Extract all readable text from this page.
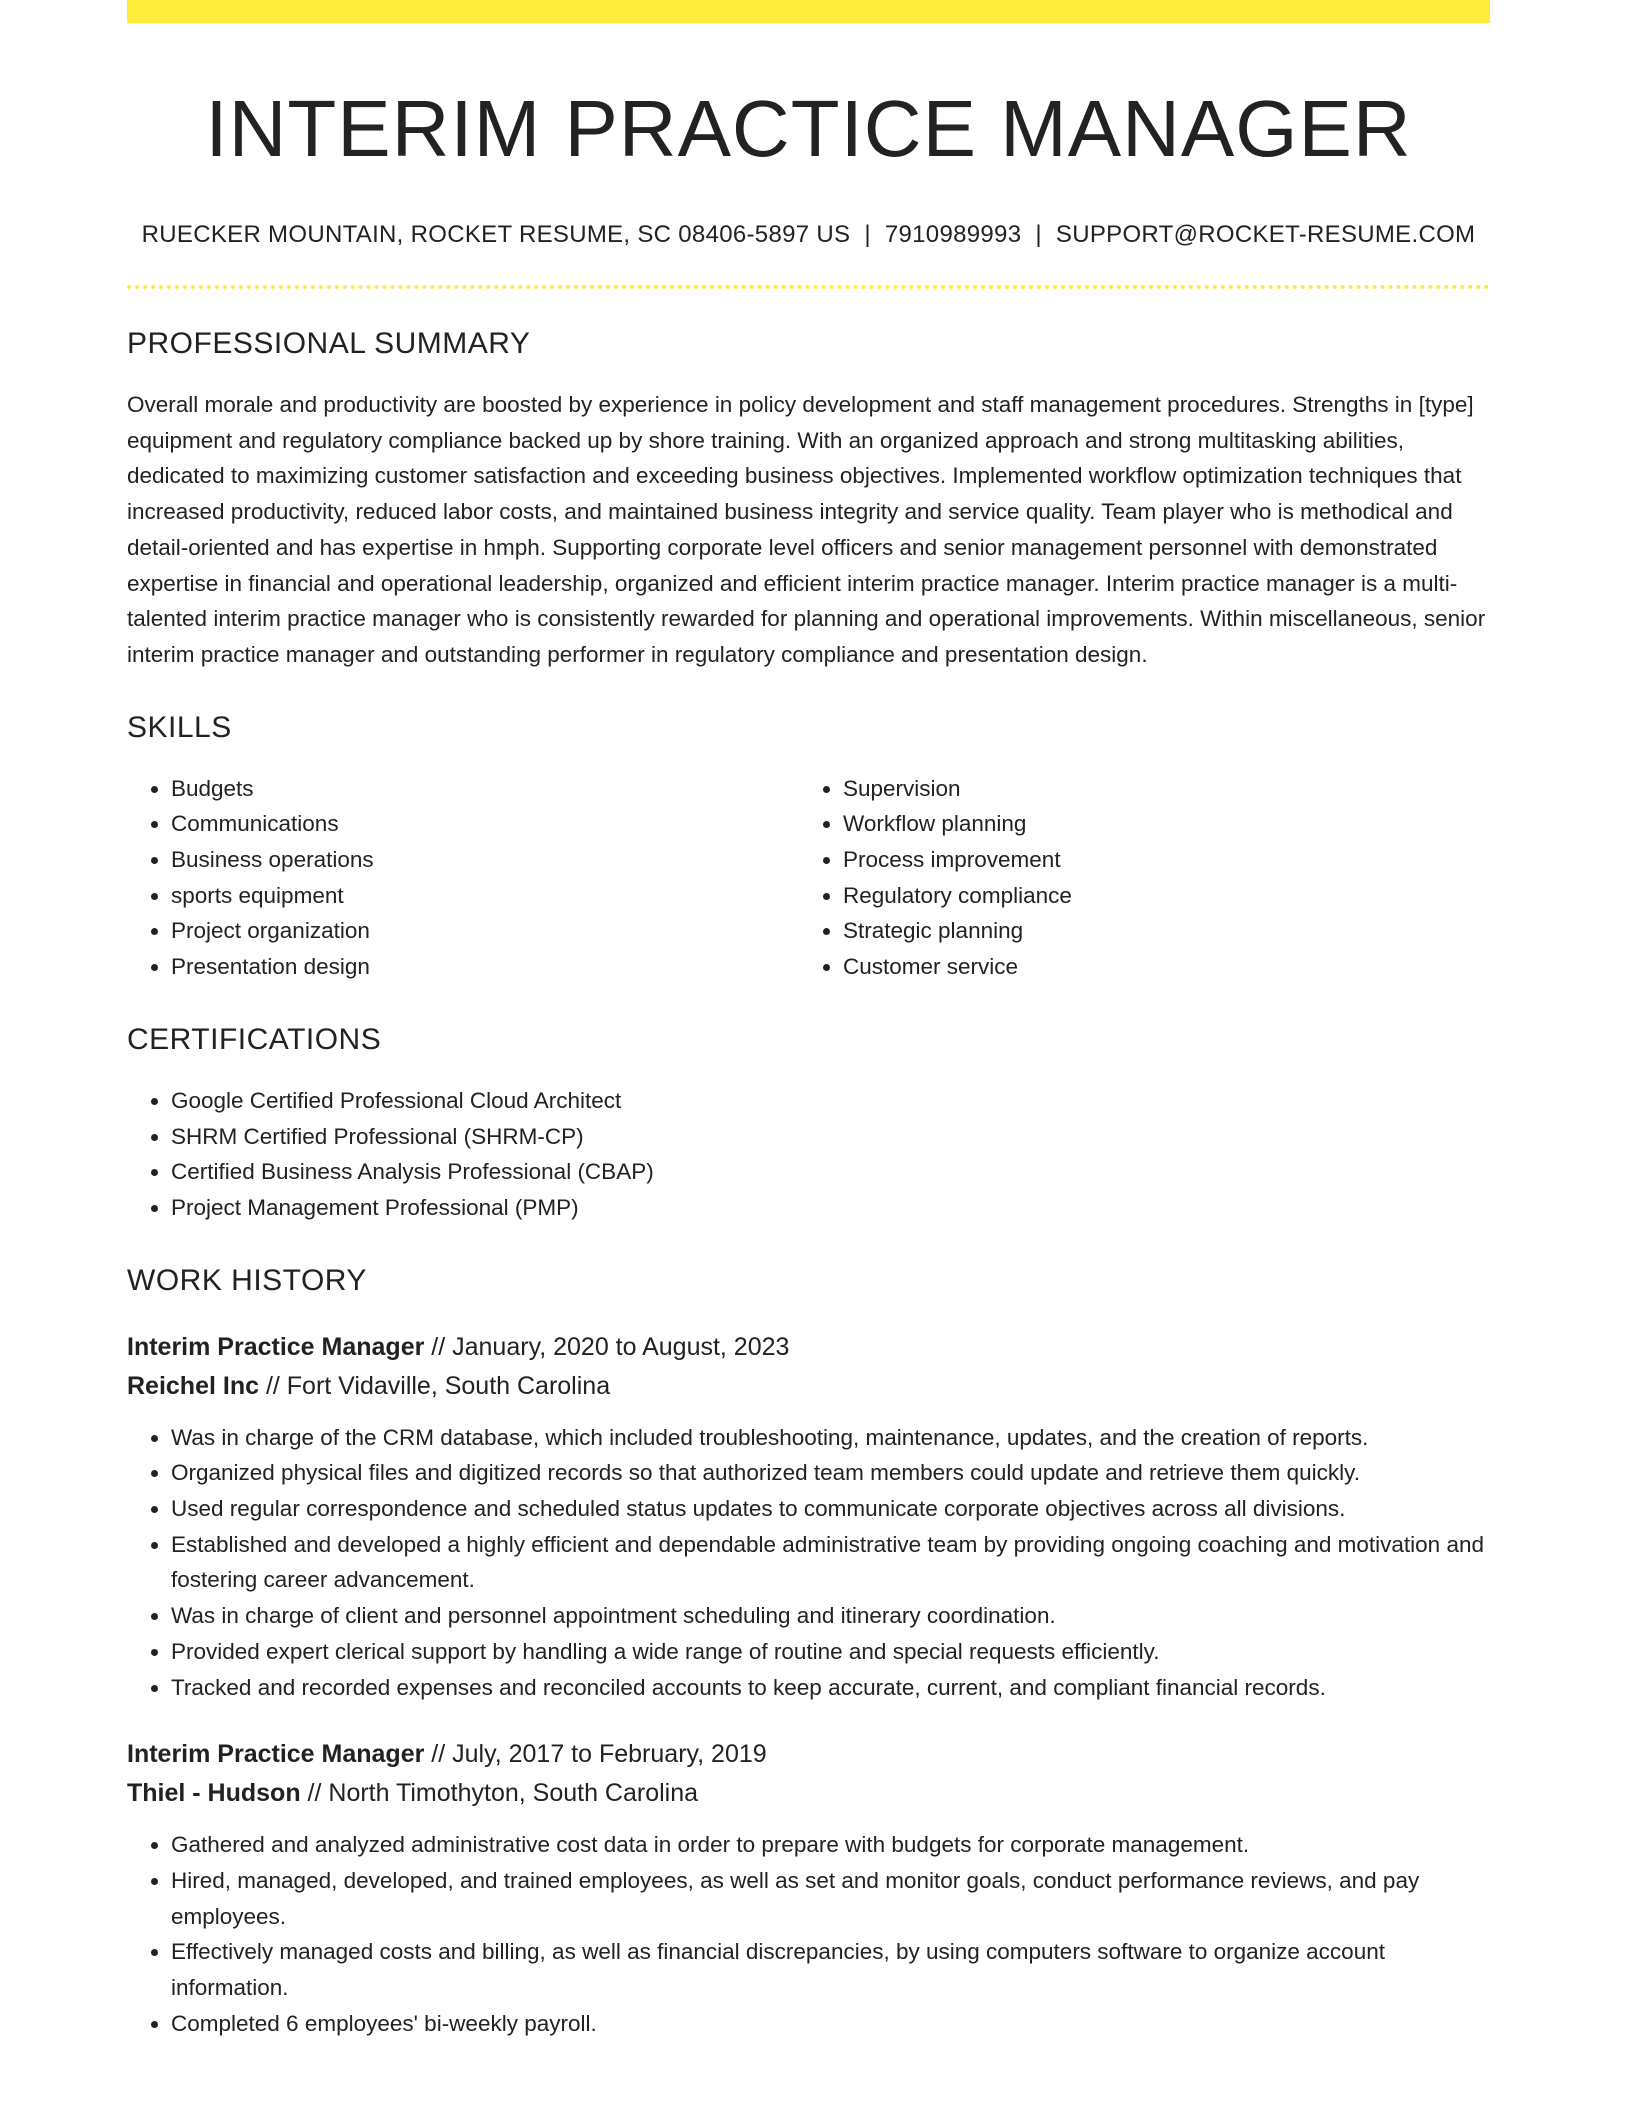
INTERIM PRACTICE MANAGER
RUECKER MOUNTAIN, ROCKET RESUME, SC 08406-5897 US | 7910989993 | SUPPORT@ROCKET-RESUME.COM
PROFESSIONAL SUMMARY

Overall morale and productivity are boosted by experience in policy development and staff management procedures. Strengths in [type] equipment and regulatory compliance backed up by shore training. With an organized approach and strong multitasking abilities, dedicated to maximizing customer satisfaction and exceeding business objectives. Implemented workflow optimization techniques that increased productivity, reduced labor costs, and maintained business integrity and service quality. Team player who is methodical and detail-oriented and has expertise in hmph. Supporting corporate level officers and senior management personnel with demonstrated expertise in financial and operational leadership, organized and efficient interim practice manager. Interim practice manager is a multi-talented interim practice manager who is consistently rewarded for planning and operational improvements. Within miscellaneous, senior interim practice manager and outstanding performer in regulatory compliance and presentation design.

SKILLS
• Budgets
• Communications
• Business operations
• sports equipment
• Project organization
• Presentation design
• Supervision
• Workflow planning
• Process improvement
• Regulatory compliance
• Strategic planning
• Customer service
CERTIFICATIONS
• Google Certified Professional Cloud Architect
• SHRM Certified Professional (SHRM-CP)
• Certified Business Analysis Professional (CBAP)
• Project Management Professional (PMP)
WORK HISTORY
Interim Practice Manager // January, 2020 to August, 2023
Reichel Inc // Fort Vidaville, South Carolina
• Was in charge of the CRM database, which included troubleshooting, maintenance, updates, and the creation of reports.
• Organized physical files and digitized records so that authorized team members could update and retrieve them quickly.
• Used regular correspondence and scheduled status updates to communicate corporate objectives across all divisions.
• Established and developed a highly efficient and dependable administrative team by providing ongoing coaching and motivation and fostering career advancement.
• Was in charge of client and personnel appointment scheduling and itinerary coordination.
• Provided expert clerical support by handling a wide range of routine and special requests efficiently.
• Tracked and recorded expenses and reconciled accounts to keep accurate, current, and compliant financial records.
Interim Practice Manager // July, 2017 to February, 2019
Thiel - Hudson // North Timothyton, South Carolina
• Gathered and analyzed administrative cost data in order to prepare with budgets for corporate management.
• Hired, managed, developed, and trained employees, as well as set and monitor goals, conduct performance reviews, and pay employees.
• Effectively managed costs and billing, as well as financial discrepancies, by using computers software to organize account information.
• Completed 6 employees' bi-weekly payroll.
